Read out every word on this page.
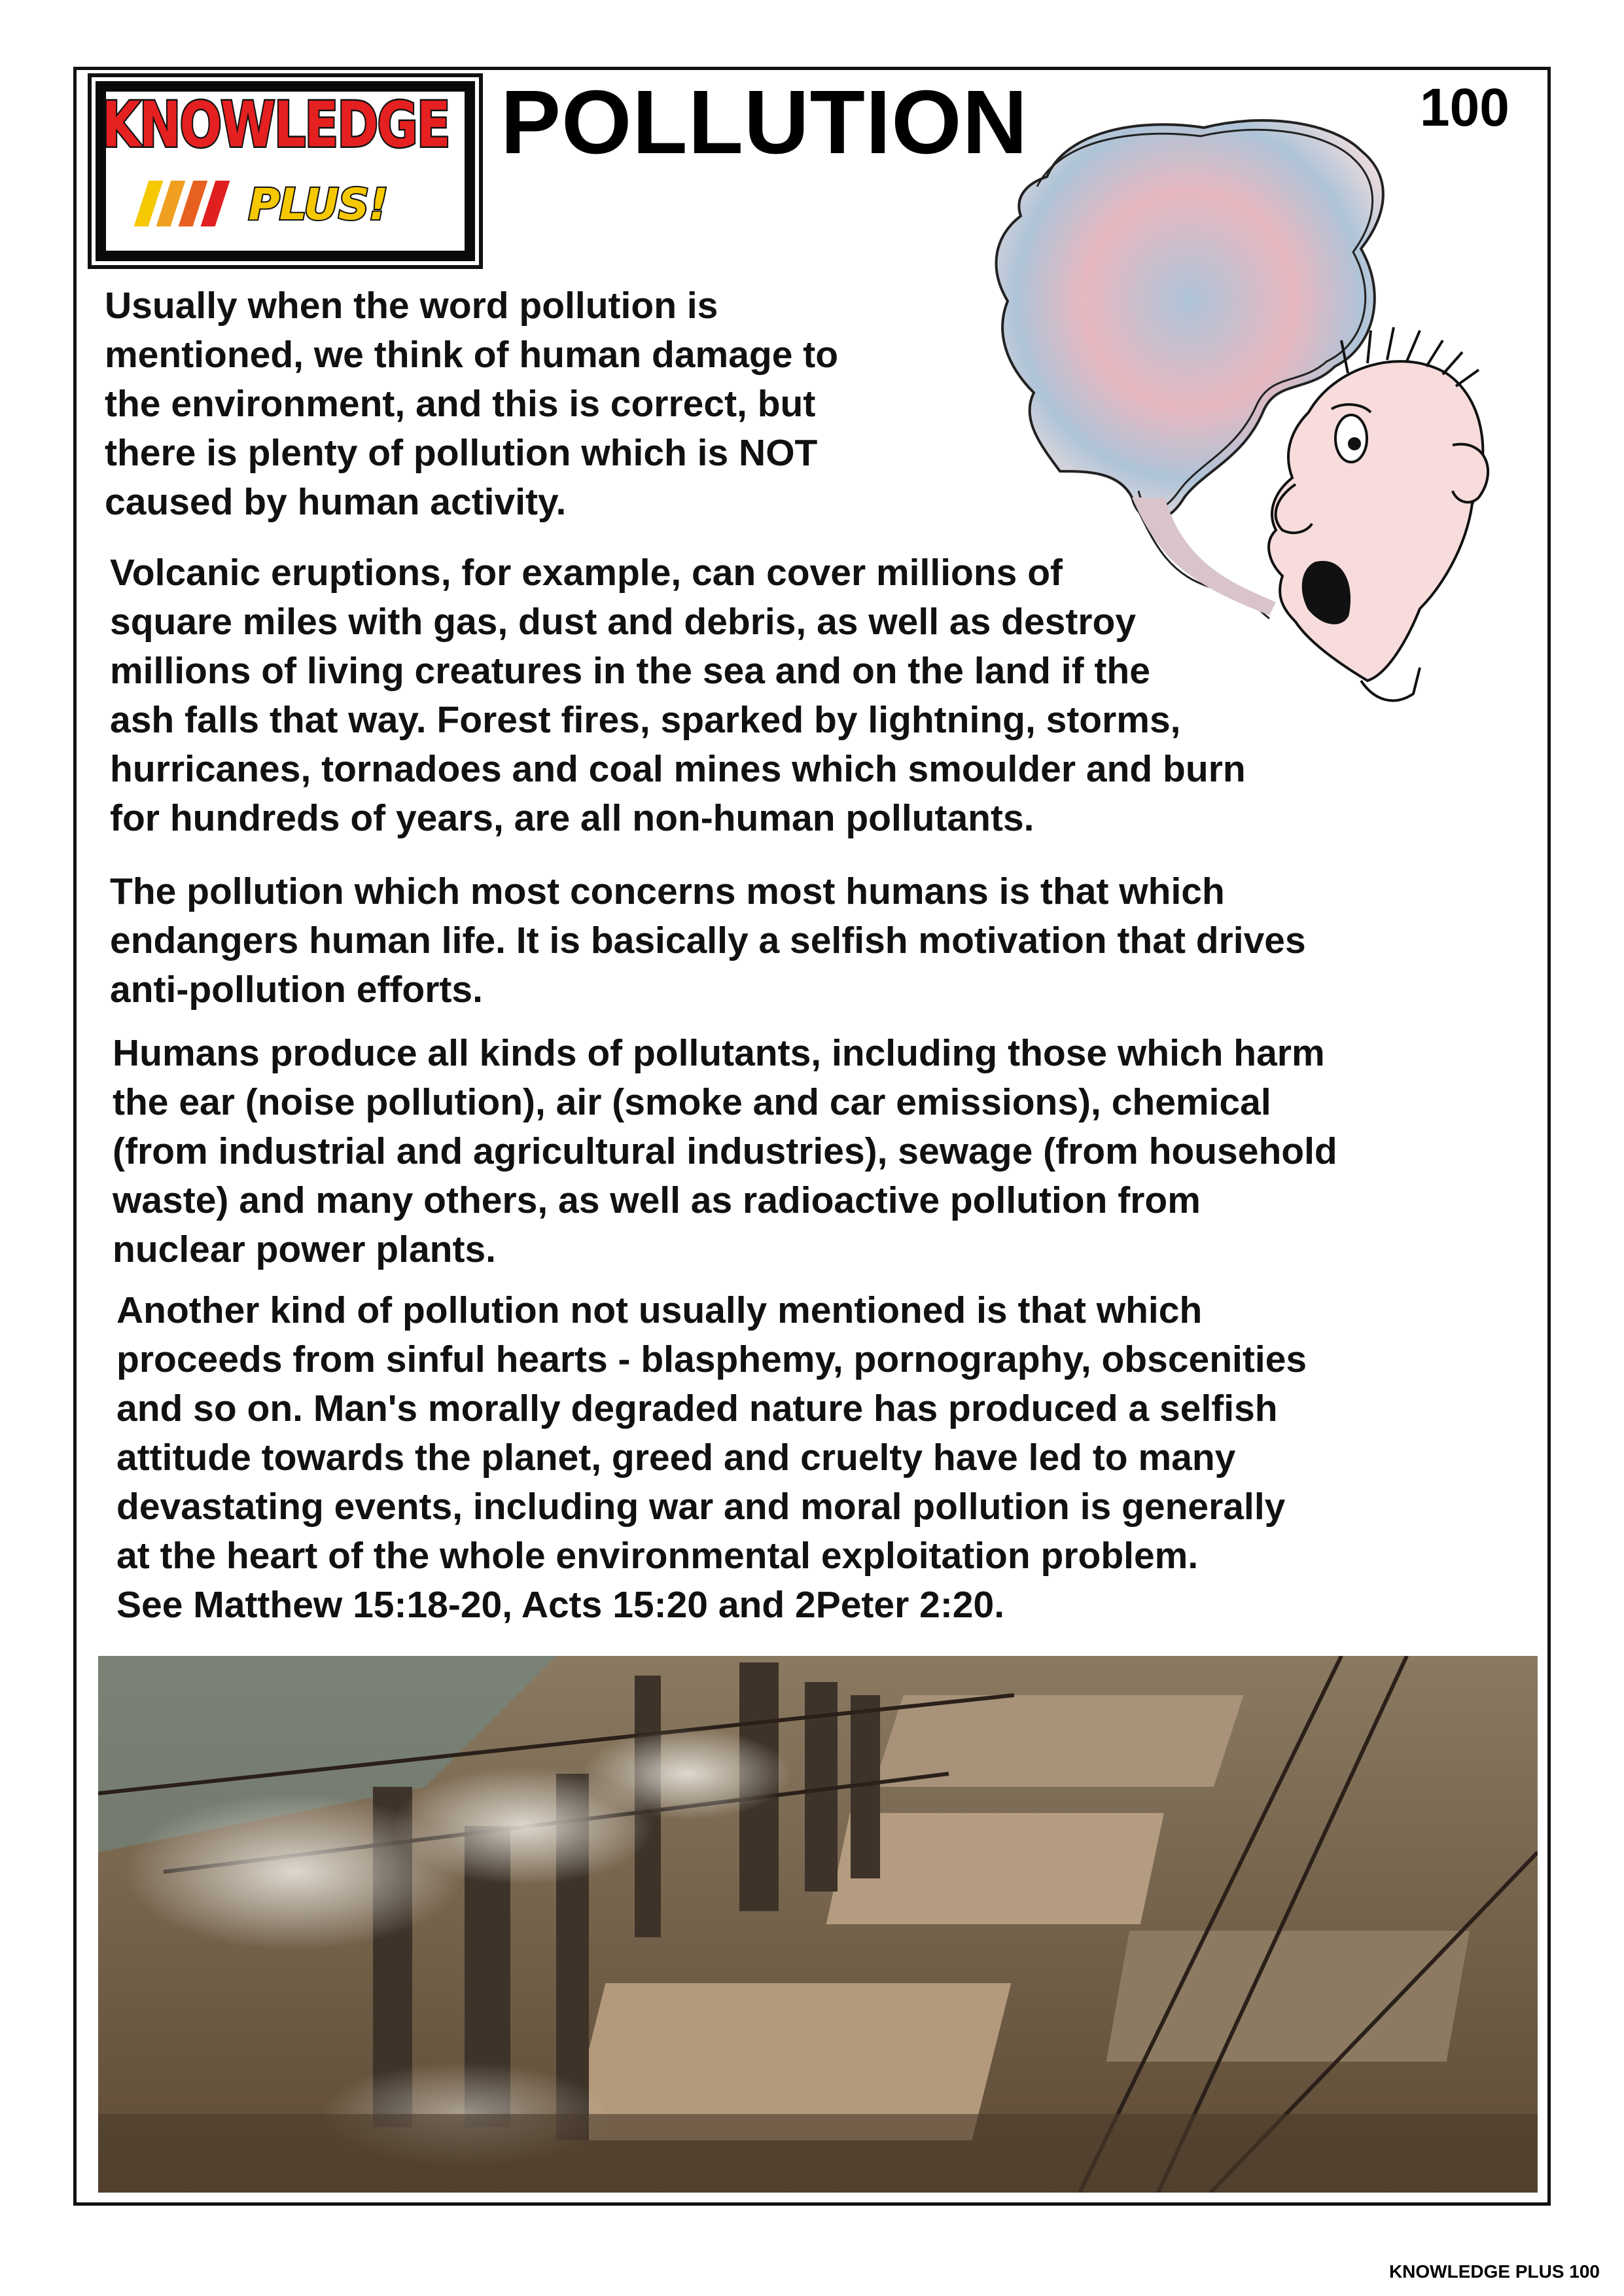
KNOWLEDGE
PLUS!
POLLUTION	100

Usually when the word pollution is
mentioned, we think of human damage to
the environment, and this is correct, but
there is plenty of pollution which is NOT
caused by human activity.

Volcanic eruptions, for example, can cover millions of
square miles with gas, dust and debris, as well as destroy
millions of living creatures in the sea and on the land if the
ash falls that way. Forest fires, sparked by lightning, storms,
hurricanes, tornadoes and coal mines which smoulder and burn
for hundreds of years, are all non-human pollutants.

The pollution which most concerns most humans is that which
endangers human life. It is basically a selfish motivation that drives
anti-pollution efforts.

Humans produce all kinds of pollutants, including those which harm
the ear (noise pollution), air (smoke and car emissions), chemical
(from industrial and agricultural industries), sewage (from household
waste) and many others, as well as radioactive pollution from
nuclear power plants.

Another kind of pollution not usually mentioned is that which
proceeds from sinful hearts - blasphemy, pornography, obscenities
and so on. Man's morally degraded nature has produced a selfish
attitude towards the planet, greed and cruelty have led to many
devastating events, including war and moral pollution is generally
at the heart of the whole environmental exploitation problem.
See Matthew 15:18-20, Acts 15:20 and 2Peter 2:20.

KNOWLEDGE PLUS 100
